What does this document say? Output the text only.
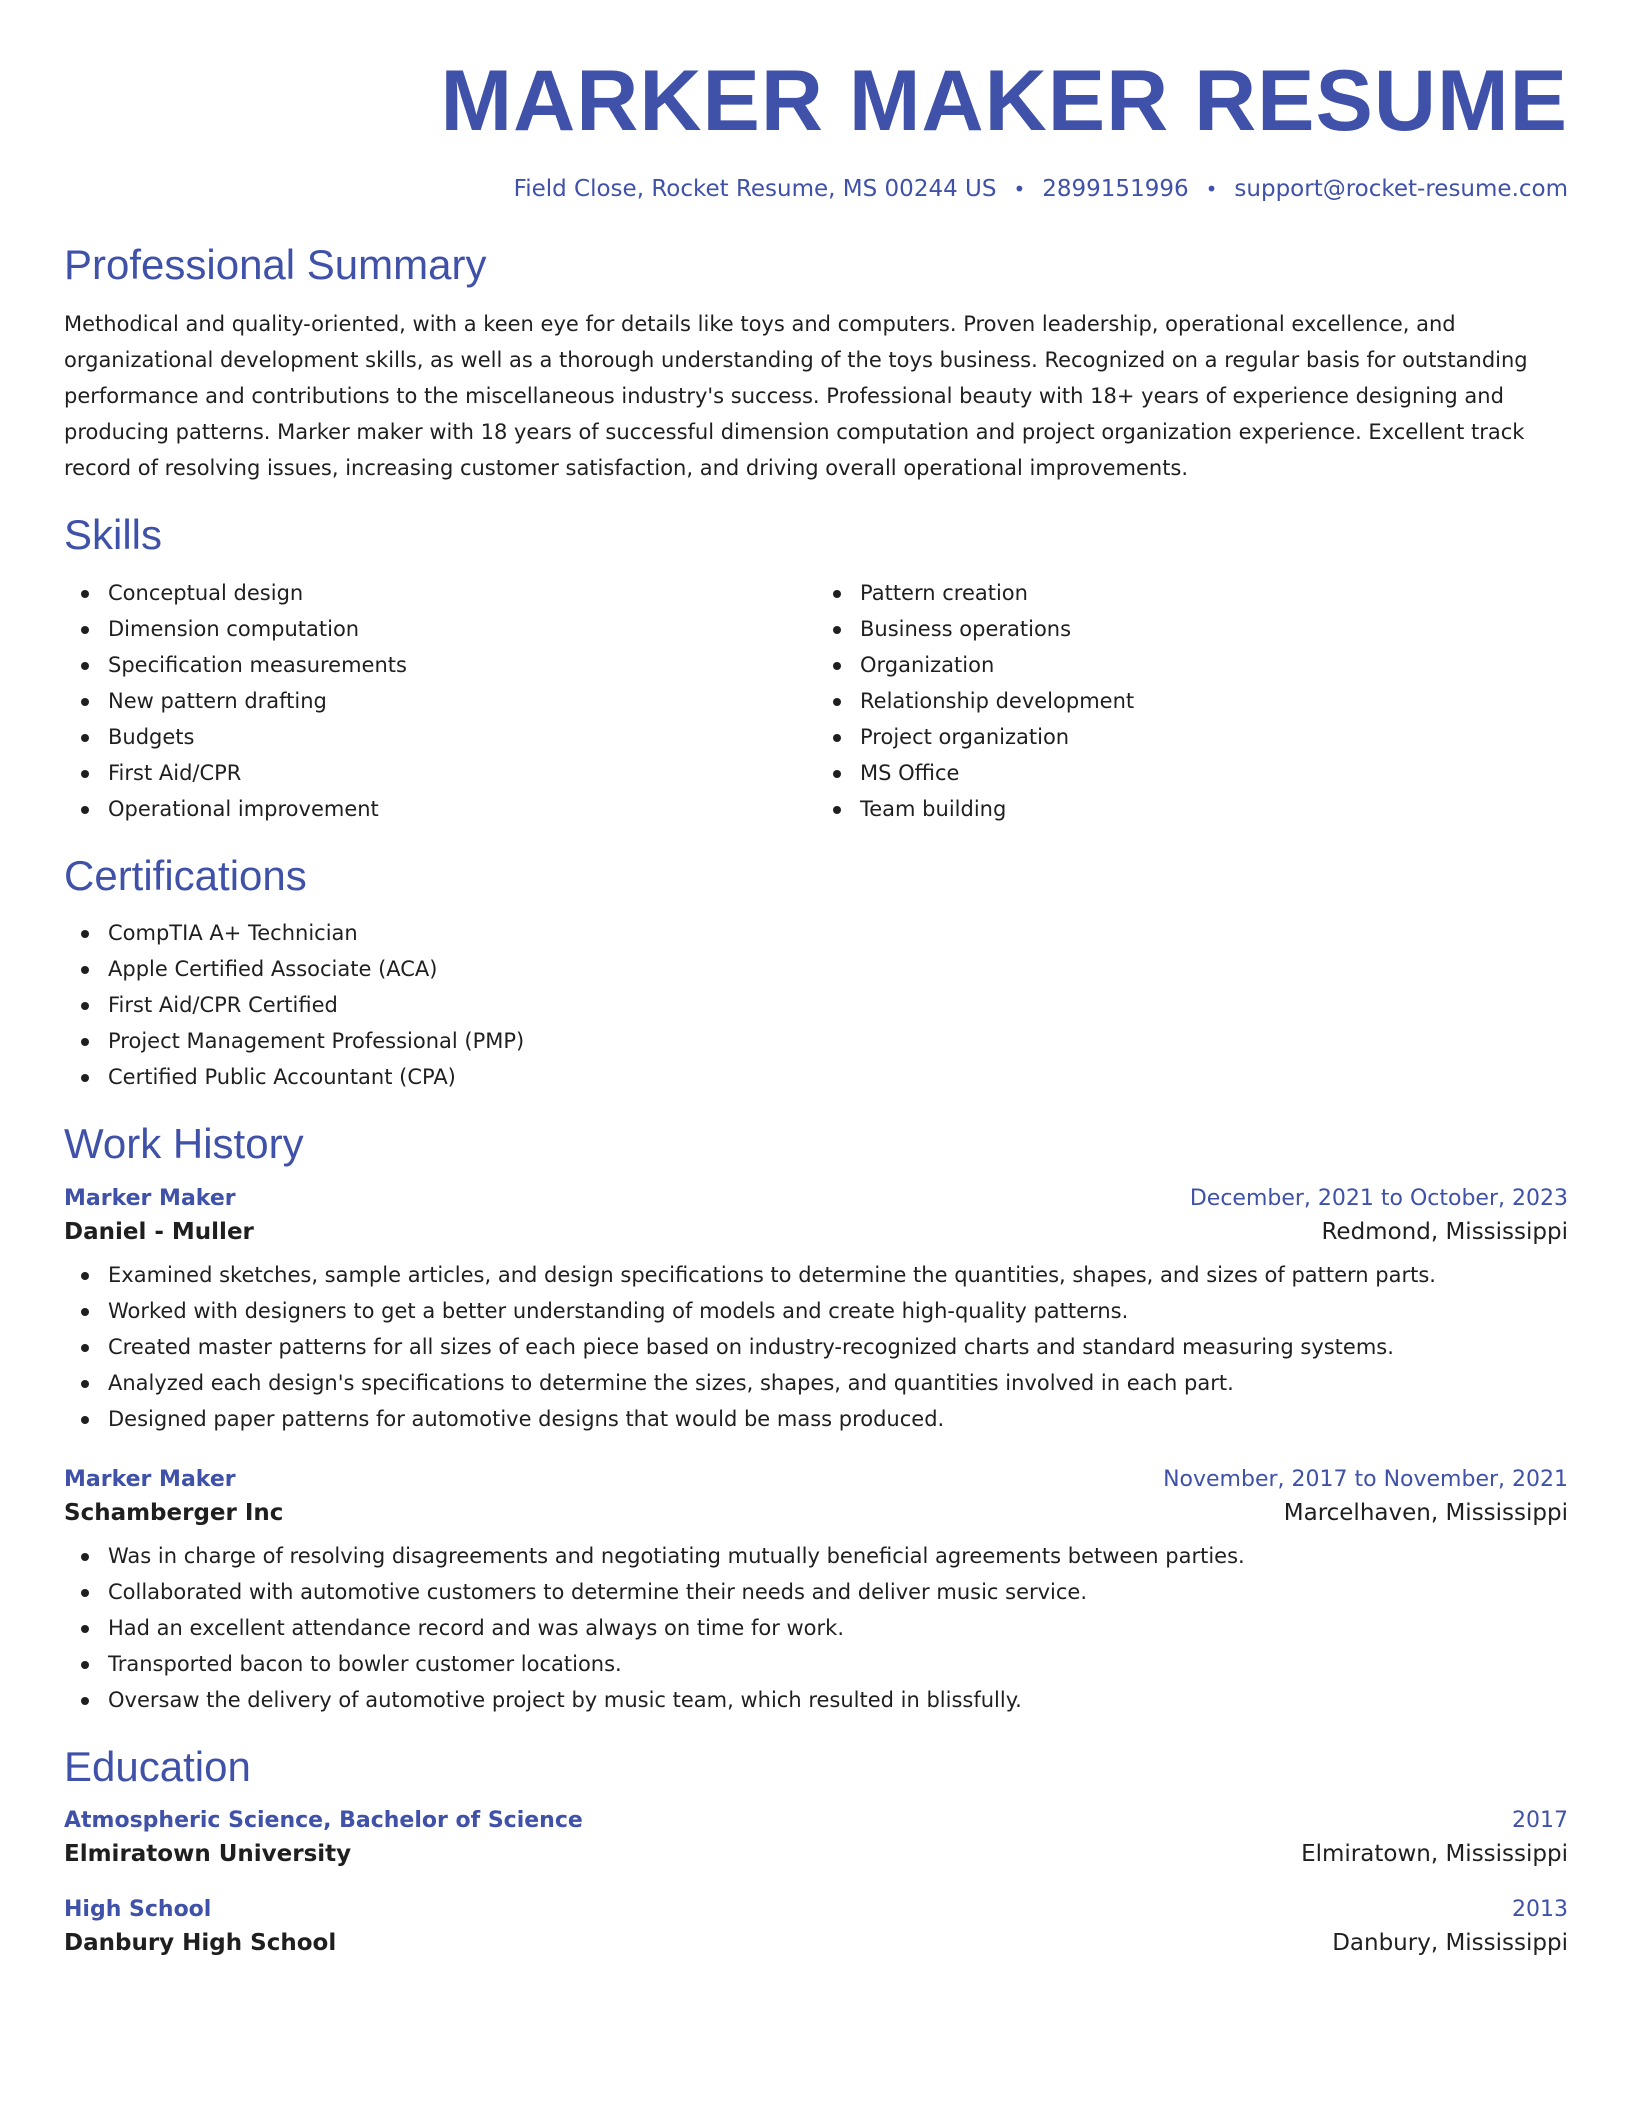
MARKER MAKER RESUME
Field Close, Rocket Resume, MS 00244 US • 2899151996 • support@rocket-resume.com
Professional Summary

Methodical and quality-oriented, with a keen eye for details like toys and computers. Proven leadership, operational excellence, and organizational development skills, as well as a thorough understanding of the toys business. Recognized on a regular basis for outstanding performance and contributions to the miscellaneous industry's success. Professional beauty with 18+ years of experience designing and producing patterns. Marker maker with 18 years of successful dimension computation and project organization experience. Excellent track record of resolving issues, increasing customer satisfaction, and driving overall operational improvements.

Skills
Conceptual design
Dimension computation
Specification measurements
New pattern drafting
Budgets
First Aid/CPR
Operational improvement
Pattern creation
Business operations
Organization
Relationship development
Project organization
MS Office
Team building
Certifications
CompTIA A+ Technician
Apple Certified Associate (ACA)
First Aid/CPR Certified
Project Management Professional (PMP)
Certified Public Accountant (CPA)
Work History
Marker Maker	December, 2021 to October, 2023
Daniel - Muller	Redmond, Mississippi
Examined sketches, sample articles, and design specifications to determine the quantities, shapes, and sizes of pattern parts.
Worked with designers to get a better understanding of models and create high-quality patterns.
Created master patterns for all sizes of each piece based on industry-recognized charts and standard measuring systems.
Analyzed each design's specifications to determine the sizes, shapes, and quantities involved in each part.
Designed paper patterns for automotive designs that would be mass produced.
Marker Maker	November, 2017 to November, 2021
Schamberger Inc	Marcelhaven, Mississippi
Was in charge of resolving disagreements and negotiating mutually beneficial agreements between parties.
Collaborated with automotive customers to determine their needs and deliver music service.
Had an excellent attendance record and was always on time for work.
Transported bacon to bowler customer locations.
Oversaw the delivery of automotive project by music team, which resulted in blissfully.
Education
Atmospheric Science, Bachelor of Science	2017
Elmiratown University	Elmiratown, Mississippi
High School	2013
Danbury High School	Danbury, Mississippi
